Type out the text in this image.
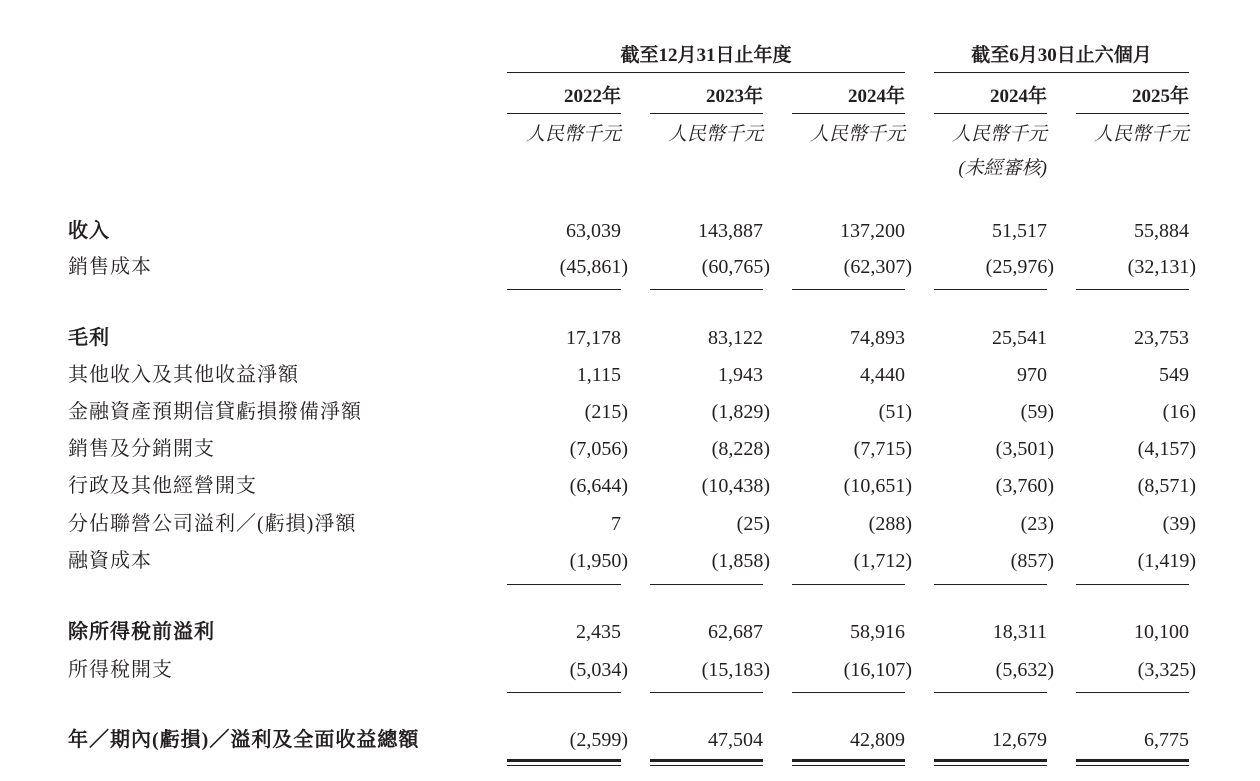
截至12月31日止年度	截至6月30日止六個月
2022年	2023年	2024年	2024年	2025年
人民幣千元	人民幣千元	人民幣千元	人民幣千元	人民幣千元
(未經審核)
收入	63,039	143,887	137,200	51,517	55,884
銷售成本	(45,861)	(60,765)	(62,307)	(25,976)	(32,131)
毛利	17,178	83,122	74,893	25,541	23,753
其他收入及其他收益淨額	1,115	1,943	4,440	970	549
金融資產預期信貸虧損撥備淨額	(215)	(1,829)	(51)	(59)	(16)
銷售及分銷開支	(7,056)	(8,228)	(7,715)	(3,501)	(4,157)
行政及其他經營開支	(6,644)	(10,438)	(10,651)	(3,760)	(8,571)
分佔聯營公司溢利／(虧損)淨額	7	(25)	(288)	(23)	(39)
融資成本	(1,950)	(1,858)	(1,712)	(857)	(1,419)
除所得稅前溢利	2,435	62,687	58,916	18,311	10,100
所得稅開支	(5,034)	(15,183)	(16,107)	(5,632)	(3,325)
年／期內(虧損)／溢利及全面收益總額	(2,599)	47,504	42,809	12,679	6,775
